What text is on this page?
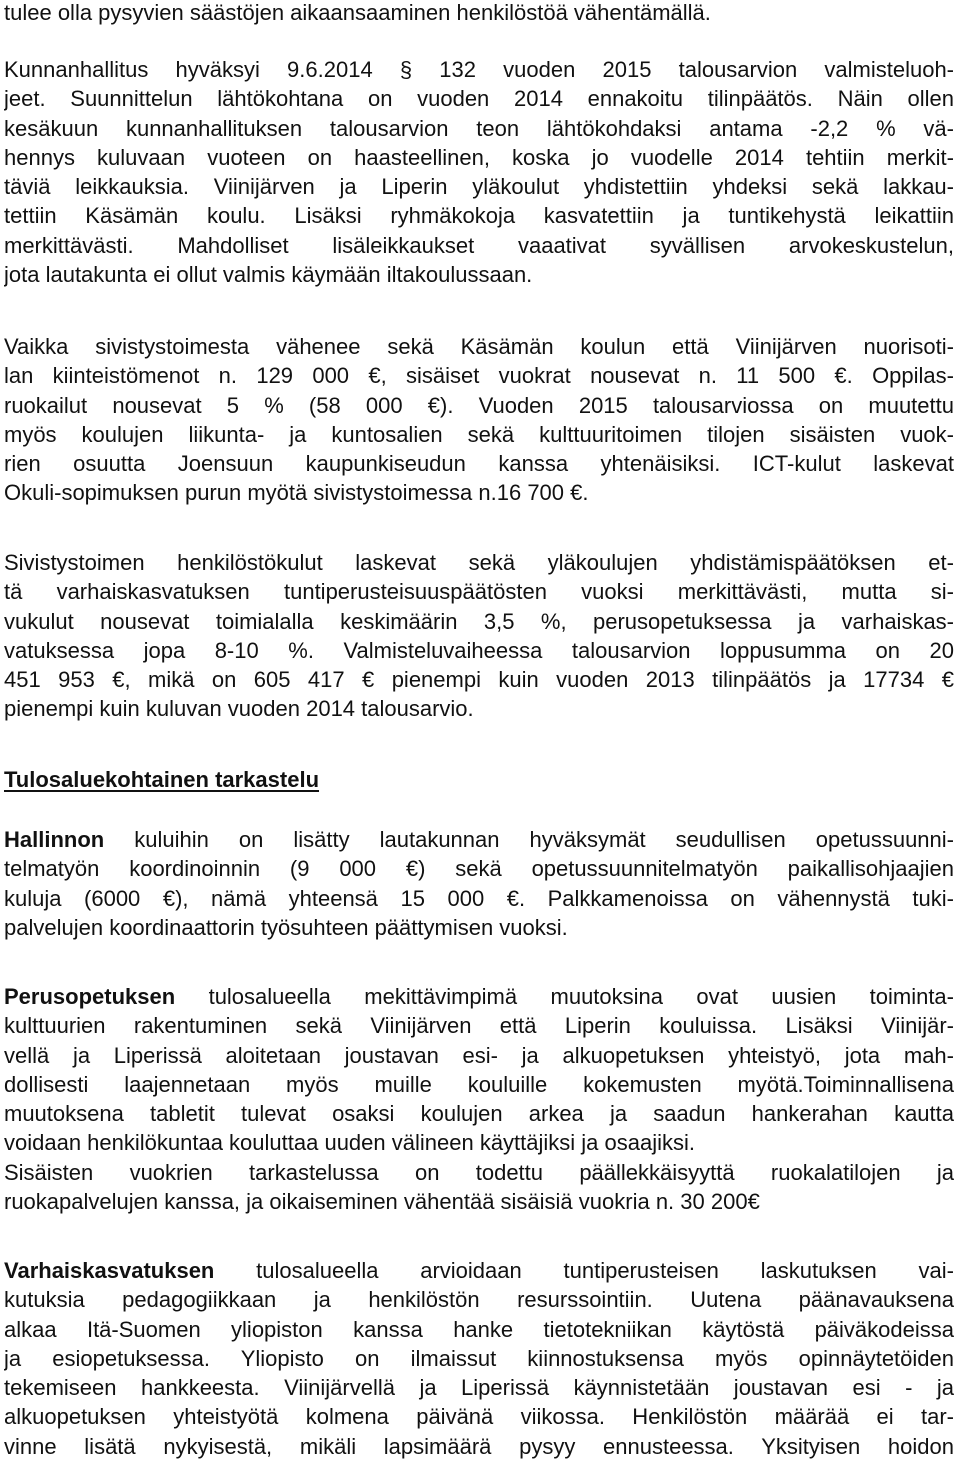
tulee olla pysyvien säästöjen aikaansaaminen henkilöstöä vähentämällä.
Kunnanhallitus hyväksyi 9.6.2014 § 132 vuoden 2015 talousarvion valmisteluoh-
jeet. Suunnittelun lähtökohtana on vuoden 2014 ennakoitu tilinpäätös. Näin ollen
kesäkuun kunnanhallituksen talousarvion teon lähtökohdaksi antama -2,2 % vä-
hennys kuluvaan vuoteen on haasteellinen, koska jo vuodelle 2014 tehtiin merkit-
täviä leikkauksia. Viinijärven ja Liperin yläkoulut yhdistettiin yhdeksi sekä lakkau-
tettiin Käsämän koulu. Lisäksi ryhmäkokoja kasvatettiin ja tuntikehystä leikattiin
merkittävästi. Mahdolliset lisäleikkaukset vaaativat syvällisen arvokeskustelun,
jota lautakunta ei ollut valmis käymään iltakoulussaan.
Vaikka sivistystoimesta vähenee sekä Käsämän koulun että Viinijärven nuorisoti-
lan kiinteistömenot n. 129 000 €, sisäiset vuokrat nousevat n. 11 500 €. Oppilas-
ruokailut nousevat 5 % (58 000 €). Vuoden 2015 talousarviossa on muutettu
myös koulujen liikunta- ja kuntosalien sekä kulttuuritoimen tilojen sisäisten vuok-
rien osuutta Joensuun kaupunkiseudun kanssa yhtenäisiksi. ICT-kulut laskevat
Okuli-sopimuksen purun myötä sivistystoimessa n.16 700 €.
Sivistystoimen henkilöstökulut laskevat sekä yläkoulujen yhdistämispäätöksen et-
tä varhaiskasvatuksen tuntiperusteisuuspäätösten vuoksi merkittävästi, mutta si-
vukulut nousevat toimialalla keskimäärin 3,5 %, perusopetuksessa ja varhaiskas-
vatuksessa jopa 8-10 %. Valmisteluvaiheessa talousarvion loppusumma on 20
451 953 €, mikä on 605 417 € pienempi kuin vuoden 2013 tilinpäätös ja 17734 €
pienempi kuin kuluvan vuoden 2014 talousarvio.
Tulosaluekohtainen tarkastelu
Hallinnon kuluihin on lisätty lautakunnan hyväksymät seudullisen opetussuunni-
telmatyön koordinoinnin (9 000 €) sekä opetussuunnitelmatyön paikallisohjaajien
kuluja (6000 €), nämä yhteensä 15 000 €. Palkkamenoissa on vähennystä tuki-
palvelujen koordinaattorin työsuhteen päättymisen vuoksi.
Perusopetuksen tulosalueella mekittävimpimä muutoksina ovat uusien toiminta-
kulttuurien rakentuminen sekä Viinijärven että Liperin kouluissa. Lisäksi Viinijär-
vellä ja Liperissä aloitetaan joustavan esi- ja alkuopetuksen yhteistyö, jota mah-
dollisesti laajennetaan myös muille kouluille kokemusten myötä.Toiminnallisena
muutoksena tabletit tulevat osaksi koulujen arkea ja saadun hankerahan kautta
voidaan henkilökuntaa kouluttaa uuden välineen käyttäjiksi ja osaajiksi.
Sisäisten vuokrien tarkastelussa on todettu päällekkäisyyttä ruokalatilojen ja
ruokapalvelujen kanssa, ja oikaiseminen vähentää sisäisiä vuokria n. 30 200€
Varhaiskasvatuksen tulosalueella arvioidaan tuntiperusteisen laskutuksen vai-
kutuksia pedagogiikkaan ja henkilöstön resurssointiin. Uutena päänavauksena
alkaa Itä-Suomen yliopiston kanssa hanke tietotekniikan käytöstä päiväkodeissa
ja esiopetuksessa. Yliopisto on ilmaissut kiinnostuksensa myös opinnäytetöiden
tekemiseen hankkeesta. Viinijärvellä ja Liperissä käynnistetään joustavan esi - ja
alkuopetuksen yhteistyötä kolmena päivänä viikossa. Henkilöstön määrää ei tar-
vinne lisätä nykyisestä, mikäli lapsimäärä pysyy ennusteessa. Yksityisen hoidon
